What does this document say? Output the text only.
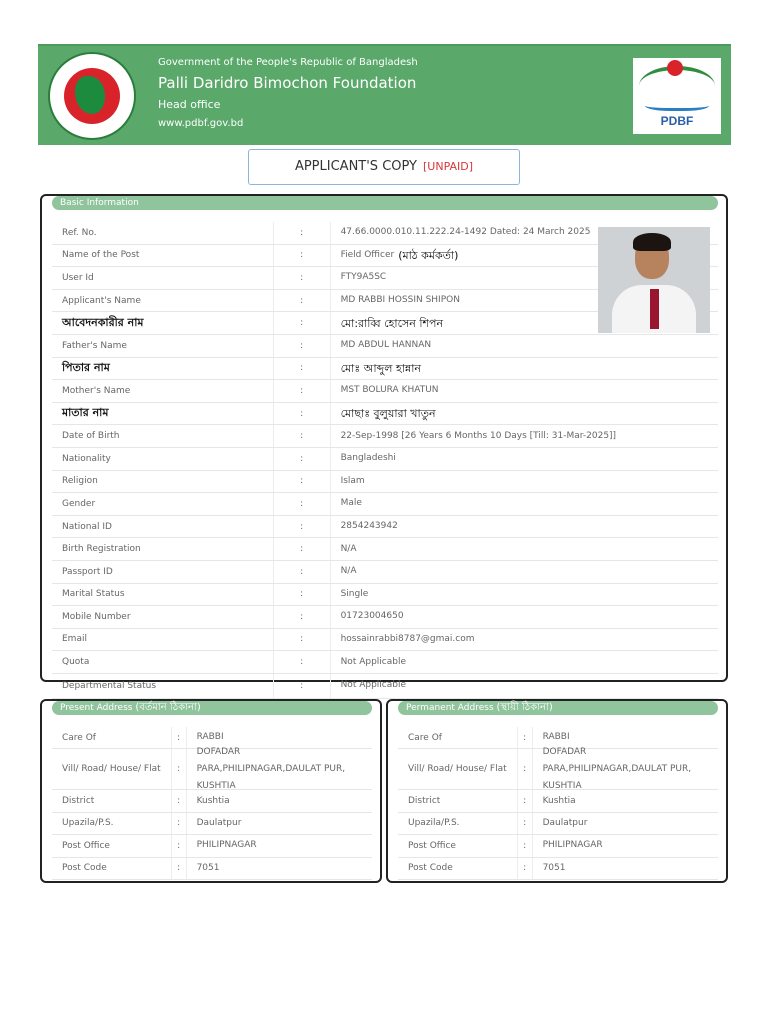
Government of the People's Republic of Bangladesh
Palli Daridro Bimochon Foundation
Head office
www.pdbf.gov.bd	PDBF
APPLICANT'S COPY [UNPAID]
Basic Information
Ref. No.	:	47.66.0000.010.11.222.24-1492 Dated: 24 March 2025
Name of the Post	:	Field Officer (মাঠ কর্মকর্তা)
User Id	:	FTY9A5SC
Applicant's Name	:	MD RABBI HOSSIN SHIPON
আবেদনকারীর নাম	:	মো:রাব্বি হোসেন শিপন
Father's Name	:	MD ABDUL HANNAN
পিতার নাম	:	মোঃ আব্দুল হান্নান
Mother's Name	:	MST BOLURA KHATUN
মাতার নাম	:	মোছাঃ বুলুয়ারা খাতুন
Date of Birth	:	22-Sep-1998 [26 Years 6 Months 10 Days [Till: 31-Mar-2025]]
Nationality	:	Bangladeshi
Religion	:	Islam
Gender	:	Male
National ID	:	2854243942
Birth Registration	:	N/A
Passport ID	:	N/A
Marital Status	:	Single
Mobile Number	:	01723004650
Email	:	hossainrabbi8787@gmai.com
Quota	:	Not Applicable
Departmental Status	:	Not Applicable
Present Address (বর্তমান ঠিকানা)
Care Of	:	RABBI
Vill/ Road/ House/ Flat	:
DOFADAR PARA,PHILIPNAGAR,DAULAT PUR, KUSHTIA
District	:	Kushtia
Upazila/P.S.	:	Daulatpur
Post Office	:	PHILIPNAGAR
Post Code	:	7051
Permanent Address (স্থায়ী ঠিকানা)
Care Of	:	RABBI
Vill/ Road/ House/ Flat	:
DOFADAR PARA,PHILIPNAGAR,DAULAT PUR, KUSHTIA
District	:	Kushtia
Upazila/P.S.	:	Daulatpur
Post Office	:	PHILIPNAGAR
Post Code	:	7051
